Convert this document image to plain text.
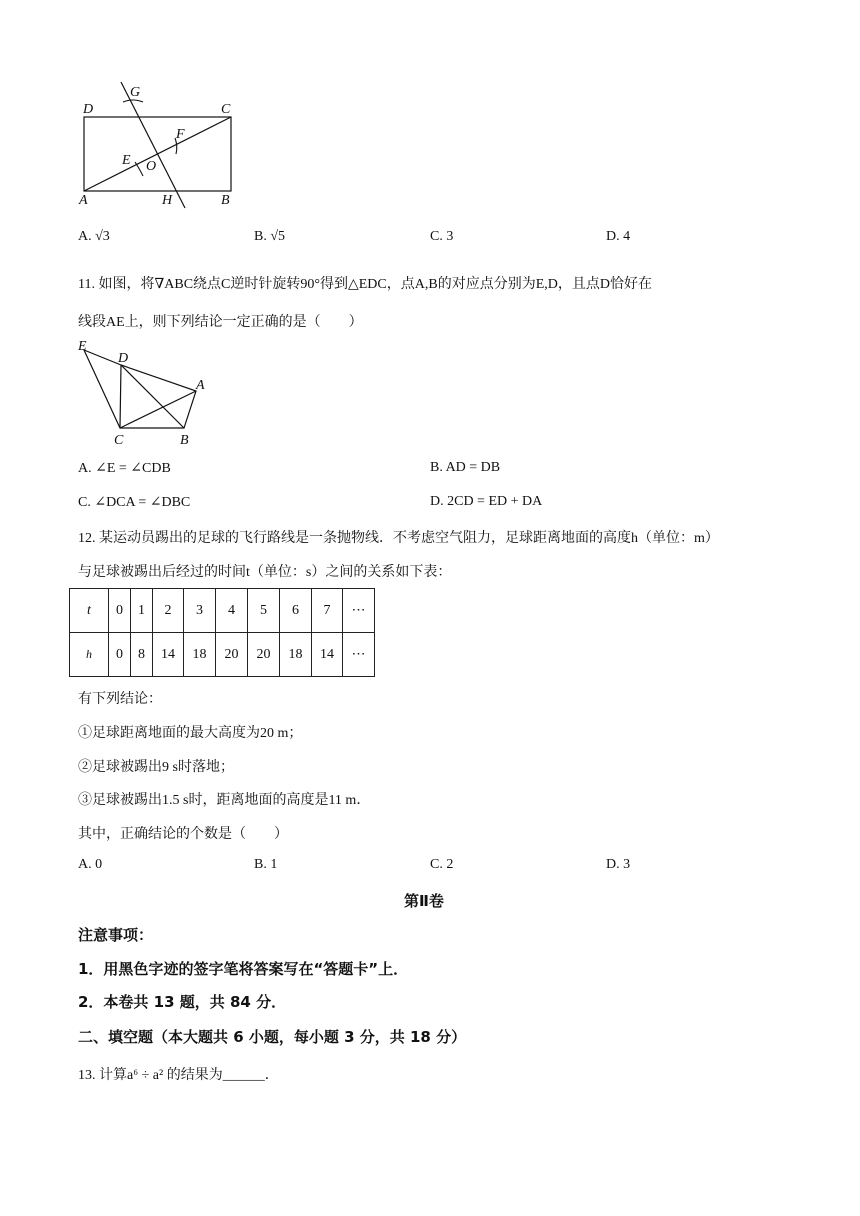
D
G
C
F
E O
A	H	B
A. √3	B. √5	C. 3	D. 4
11. 如图，将∇ABC绕点C逆时针旋转90°得到△EDC，点A,B的对应点分别为E,D，且点D恰好在
线段AE上，则下列结论一定正确的是（　　）
E
D
A
C	B
A. ∠E = ∠CDB	B. AD = DB
C. ∠DCA = ∠DBC	D. 2CD = ED + DA
12. 某运动员踢出的足球的飞行路线是一条抛物线．不考虑空气阻力，足球距离地面的高度h（单位：m）
与足球被踢出后经过的时间t（单位：s）之间的关系如下表：
t	0	1	2	3	4	5	6	7	⋯
h	0	8	14	18	20	20	18	14	⋯
有下列结论：
①足球距离地面的最大高度为20 m；
②足球被踢出9 s时落地；
③足球被踢出1.5 s时，距离地面的高度是11 m．
其中，正确结论的个数是（　　）
A. 0	B. 1	C. 2	D. 3
第Ⅱ卷
注意事项：
1．用黑色字迹的签字笔将答案写在“答题卡”上．
2．本卷共 13 题，共 84 分．
二、填空题（本大题共 6 小题，每小题 3 分，共 18 分）
13. 计算a⁶ ÷ a² 的结果为______．
